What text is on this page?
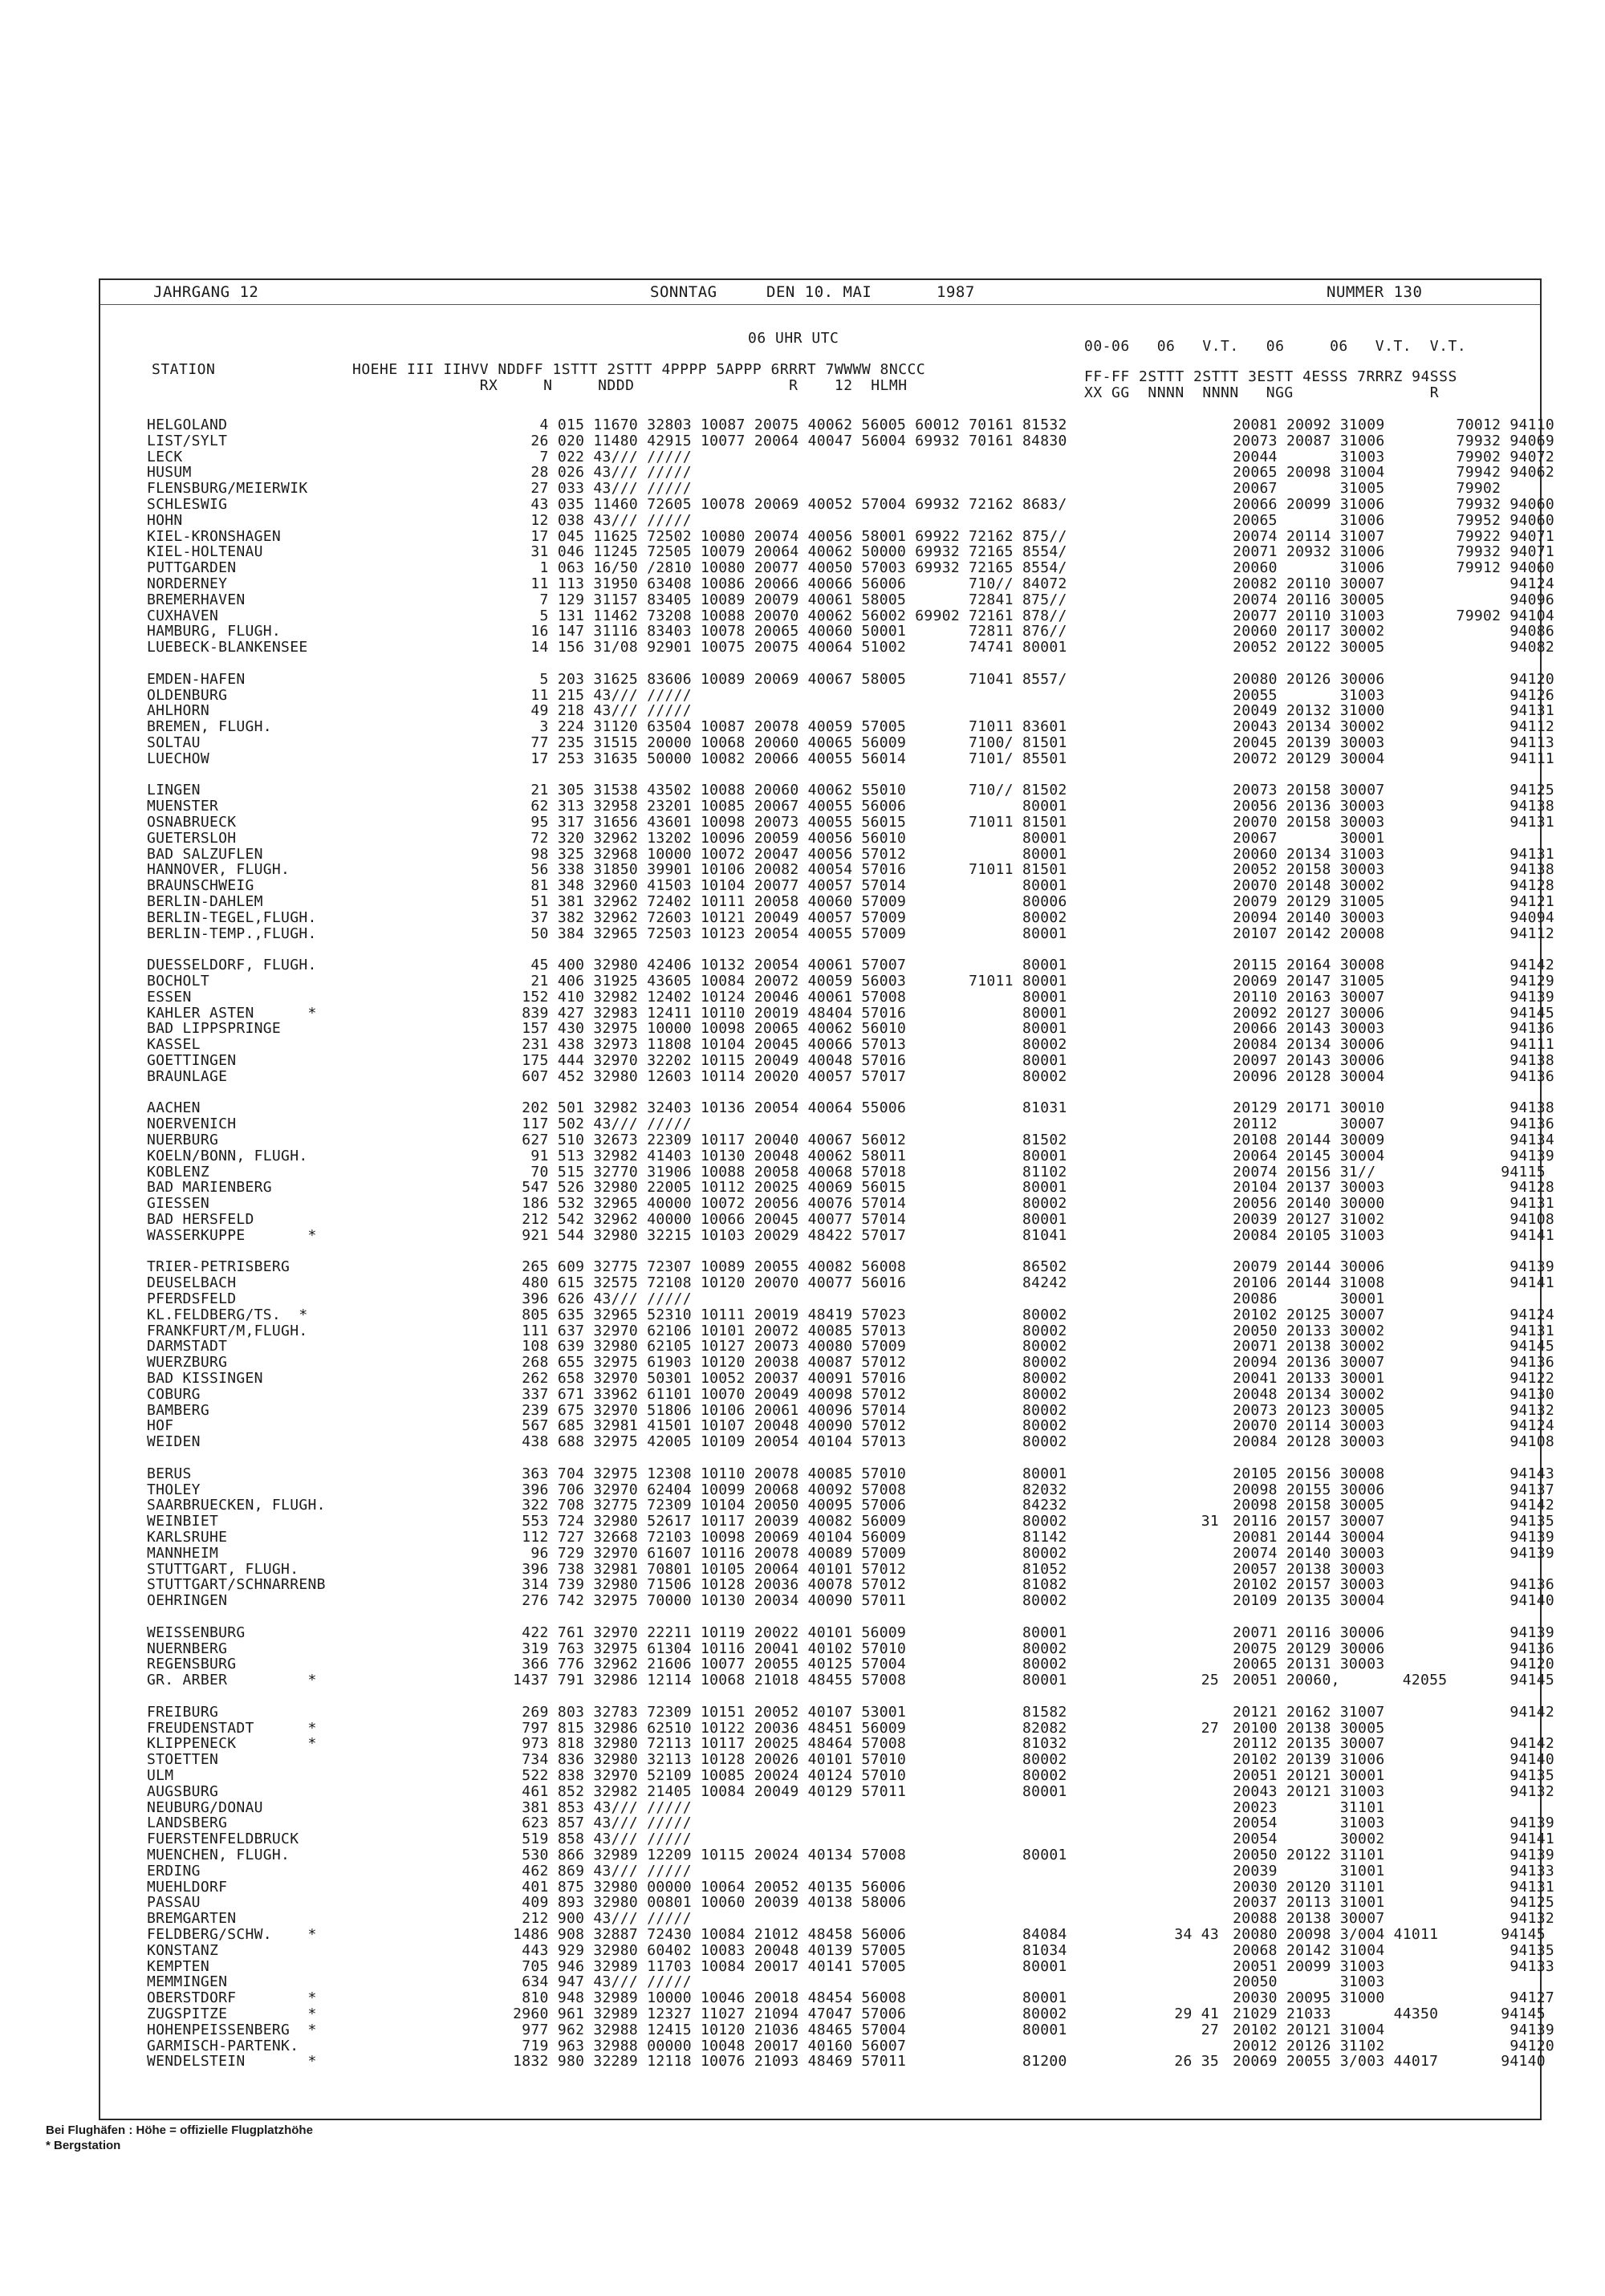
JAHRGANG 12	SONNTAG	DEN 10. MAI	1987	NUMMER 130
06 UHR UTC
STATION	HOEHE III IIHVV NDDFF 1STTT 2STTT 4PPPP 5APPP 6RRRT 7WWWW 8NCCC
RX     N     NDDD                 R    12  HLMH
00-06   06   V.T.   06     06   V.T.  V.T.
FF-FF 2STTT 2STTT 3ESTT 4ESSS 7RRRZ 94SSS
XX GG  NNNN  NNNN   NGG               R
HELGOLAND	4 015 11670 32803 10087 20075 40062 56005 60012 70161 81532	20081 20092 31009        70012 94110
LIST/SYLT	26 020 11480 42915 10077 20064 40047 56004 69932 70161 84830	20073 20087 31006        79932 94069
LECK	7 022 43/// /////	20044       31003        79902 94072
HUSUM	28 026 43/// /////	20065 20098 31004        79942 94062
FLENSBURG/MEIERWIK	27 033 43/// /////	20067       31005        79902
SCHLESWIG	43 035 11460 72605 10078 20069 40052 57004 69932 72162 8683/	20066 20099 31006        79932 94060
HOHN	12 038 43/// /////	20065       31006        79952 94060
KIEL-KRONSHAGEN	17 045 11625 72502 10080 20074 40056 58001 69922 72162 875//	20074 20114 31007        79922 94071
KIEL-HOLTENAU	31 046 11245 72505 10079 20064 40062 50000 69932 72165 8554/	20071 20932 31006        79932 94071
PUTTGARDEN	1 063 16/50 /2810 10080 20077 40050 57003 69932 72165 8554/	20060       31006        79912 94060
NORDERNEY	11 113 31950 63408 10086 20066 40066 56006       710// 84072	20082 20110 30007              94124
BREMERHAVEN	7 129 31157 83405 10089 20079 40061 58005       72841 875//	20074 20116 30005              94096
CUXHAVEN	5 131 11462 73208 10088 20070 40062 56002 69902 72161 878//	20077 20110 31003        79902 94104
HAMBURG, FLUGH.	16 147 31116 83403 10078 20065 40060 50001       72811 876//	20060 20117 30002              94086
LUEBECK-BLANKENSEE	14 156 31/08 92901 10075 20075 40064 51002       74741 80001	20052 20122 30005              94082
EMDEN-HAFEN	5 203 31625 83606 10089 20069 40067 58005       71041 8557/	20080 20126 30006              94120
OLDENBURG	11 215 43/// /////	20055       31003              94126
AHLHORN	49 218 43/// /////	20049 20132 31000              94131
BREMEN, FLUGH.	3 224 31120 63504 10087 20078 40059 57005       71011 83601	20043 20134 30002              94112
SOLTAU	77 235 31515 20000 10068 20060 40065 56009       7100/ 81501	20045 20139 30003              94113
LUECHOW	17 253 31635 50000 10082 20066 40055 56014       7101/ 85501	20072 20129 30004              94111
LINGEN	21 305 31538 43502 10088 20060 40062 55010       710// 81502	20073 20158 30007              94125
MUENSTER	62 313 32958 23201 10085 20067 40055 56006             80001	20056 20136 30003              94138
OSNABRUECK	95 317 31656 43601 10098 20073 40055 56015       71011 81501	20070 20158 30003              94131
GUETERSLOH	72 320 32962 13202 10096 20059 40056 56010             80001	20067       30001
BAD SALZUFLEN	98 325 32968 10000 10072 20047 40056 57012             80001	20060 20134 31003              94131
HANNOVER, FLUGH.	56 338 31850 39901 10106 20082 40054 57016       71011 81501	20052 20158 30003              94138
BRAUNSCHWEIG	81 348 32960 41503 10104 20077 40057 57014             80001	20070 20148 30002              94128
BERLIN-DAHLEM	51 381 32962 72402 10111 20058 40060 57009             80006	20079 20129 31005              94121
BERLIN-TEGEL,FLUGH.	37 382 32962 72603 10121 20049 40057 57009             80002	20094 20140 30003              94094
BERLIN-TEMP.,FLUGH.	50 384 32965 72503 10123 20054 40055 57009             80001	20107 20142 20008              94112
DUESSELDORF, FLUGH.	45 400 32980 42406 10132 20054 40061 57007             80001	20115 20164 30008              94142
BOCHOLT	21 406 31925 43605 10084 20072 40059 56003       71011 80001	20069 20147 31005              94129
ESSEN	152 410 32982 12402 10124 20046 40061 57008             80001	20110 20163 30007              94139
KAHLER ASTEN      *	839 427 32983 12411 10110 20019 48404 57016             80001	20092 20127 30006              94145
BAD LIPPSPRINGE	157 430 32975 10000 10098 20065 40062 56010             80001	20066 20143 30003              94136
KASSEL	231 438 32973 11808 10104 20045 40066 57013             80002	20084 20134 30006              94111
GOETTINGEN	175 444 32970 32202 10115 20049 40048 57016             80001	20097 20143 30006              94138
BRAUNLAGE	607 452 32980 12603 10114 20020 40057 57017             80002	20096 20128 30004              94136
AACHEN	202 501 32982 32403 10136 20054 40064 55006             81031	20129 20171 30010              94138
NOERVENICH	117 502 43/// /////	20112       30007              94136
NUERBURG	627 510 32673 22309 10117 20040 40067 56012             81502	20108 20144 30009              94134
KOELN/BONN, FLUGH.	91 513 32982 41403 10130 20048 40062 58011             80001	20064 20145 30004              94139
KOBLENZ	70 515 32770 31906 10088 20058 40068 57018             81102	20074 20156 31//              94115
BAD MARIENBERG	547 526 32980 22005 10112 20025 40069 56015             80001	20104 20137 30003              94128
GIESSEN	186 532 32965 40000 10072 20056 40076 57014             80002	20056 20140 30000              94131
BAD HERSFELD	212 542 32962 40000 10066 20045 40077 57014             80001	20039 20127 31002              94108
WASSERKUPPE       *	921 544 32980 32215 10103 20029 48422 57017             81041	20084 20105 31003              94141
TRIER-PETRISBERG	265 609 32775 72307 10089 20055 40082 56008             86502	20079 20144 30006              94139
DEUSELBACH	480 615 32575 72108 10120 20070 40077 56016             84242	20106 20144 31008              94141
PFERDSFELD	396 626 43/// /////	20086       30001
KL.FELDBERG/TS.  *	805 635 32965 52310 10111 20019 48419 57023             80002	20102 20125 30007              94124
FRANKFURT/M,FLUGH.	111 637 32970 62106 10101 20072 40085 57013             80002	20050 20133 30002              94131
DARMSTADT	108 639 32980 62105 10127 20073 40080 57009             80002	20071 20138 30002              94145
WUERZBURG	268 655 32975 61903 10120 20038 40087 57012             80002	20094 20136 30007              94136
BAD KISSINGEN	262 658 32970 50301 10052 20037 40091 57016             80002	20041 20133 30001              94122
COBURG	337 671 33962 61101 10070 20049 40098 57012             80002	20048 20134 30002              94130
BAMBERG	239 675 32970 51806 10106 20061 40096 57014             80002	20073 20123 30005              94132
HOF	567 685 32981 41501 10107 20048 40090 57012             80002	20070 20114 30003              94124
WEIDEN	438 688 32975 42005 10109 20054 40104 57013             80002	20084 20128 30003              94108
BERUS	363 704 32975 12308 10110 20078 40085 57010             80001	20105 20156 30008              94143
THOLEY	396 706 32970 62404 10099 20068 40092 57008             82032	20098 20155 30006              94137
SAARBRUECKEN, FLUGH.	322 708 32775 72309 10104 20050 40095 57006             84232	20098 20158 30005              94142
WEINBIET	553 724 32980 52617 10117 20039 40082 56009             80002	31 20116 20157 30007              94135
KARLSRUHE	112 727 32668 72103 10098 20069 40104 56009             81142	20081 20144 30004              94139
MANNHEIM	96 729 32970 61607 10116 20078 40089 57009             80002	20074 20140 30003              94139
STUTTGART, FLUGH.	396 738 32981 70801 10105 20064 40101 57012             81052	20057 20138 30003
STUTTGART/SCHNARRENB	314 739 32980 71506 10128 20036 40078 57012             81082	20102 20157 30003              94136
OEHRINGEN	276 742 32975 70000 10130 20034 40090 57011             80002	20109 20135 30004              94140
WEISSENBURG	422 761 32970 22211 10119 20022 40101 56009             80001	20071 20116 30006              94139
NUERNBERG	319 763 32975 61304 10116 20041 40102 57010             80002	20075 20129 30006              94136
REGENSBURG	366 776 32962 21606 10077 20055 40125 57004             80002	20065 20131 30003              94120
GR. ARBER         *	1437 791 32986 12114 10068 21018 48455 57008             80001	25 20051 20060,       42055       94145
FREIBURG	269 803 32783 72309 10151 20052 40107 53001             81582	20121 20162 31007              94142
FREUDENSTADT      *	797 815 32986 62510 10122 20036 48451 56009             82082	27 20100 20138 30005
KLIPPENECK        *	973 818 32980 72113 10117 20025 48464 57008             81032	20112 20135 30007              94142
STOETTEN	734 836 32980 32113 10128 20026 40101 57010             80002	20102 20139 31006              94140
ULM	522 838 32970 52109 10085 20024 40124 57010             80002	20051 20121 30001              94135
AUGSBURG	461 852 32982 21405 10084 20049 40129 57011             80001	20043 20121 31003              94132
NEUBURG/DONAU	381 853 43/// /////	20023       31101
LANDSBERG	623 857 43/// /////	20054       31003              94139
FUERSTENFELDBRUCK	519 858 43/// /////	20054       30002              94141
MUENCHEN, FLUGH.	530 866 32989 12209 10115 20024 40134 57008             80001	20050 20122 31101              94139
ERDING	462 869 43/// /////	20039       31001              94133
MUEHLDORF	401 875 32980 00000 10064 20052 40135 56006	20030 20120 31101              94131
PASSAU	409 893 32980 00801 10060 20039 40138 58006	20037 20113 31001              94125
BREMGARTEN	212 900 43/// /////	20088 20138 30007              94132
FELDBERG/SCHW.    *	1486 908 32887 72430 10084 21012 48458 56006             84084	34 43 20080 20098 3/004 41011       94145
KONSTANZ	443 929 32980 60402 10083 20048 40139 57005             81034	20068 20142 31004              94135
KEMPTEN	705 946 32989 11703 10084 20017 40141 57005             80001	20051 20099 31003              94133
MEMMINGEN	634 947 43/// /////	20050       31003
OBERSTDORF        *	810 948 32989 10000 10046 20018 48454 56008             80001	20030 20095 31000              94127
ZUGSPITZE         *	2960 961 32989 12327 11027 21094 47047 57006             80002	29 41 21029 21033       44350       94145
HOHENPEISSENBERG  *	977 962 32988 12415 10120 21036 48465 57004             80001	27 20102 20121 31004              94139
GARMISCH-PARTENK.	719 963 32988 00000 10048 20017 40160 56007	20012 20126 31102              94120
WENDELSTEIN       *	1832 980 32289 12118 10076 21093 48469 57011             81200	26 35 20069 20055 3/003 44017       94140
Bei Flughäfen : Höhe = offizielle Flugplatzhöhe
* Bergstation
